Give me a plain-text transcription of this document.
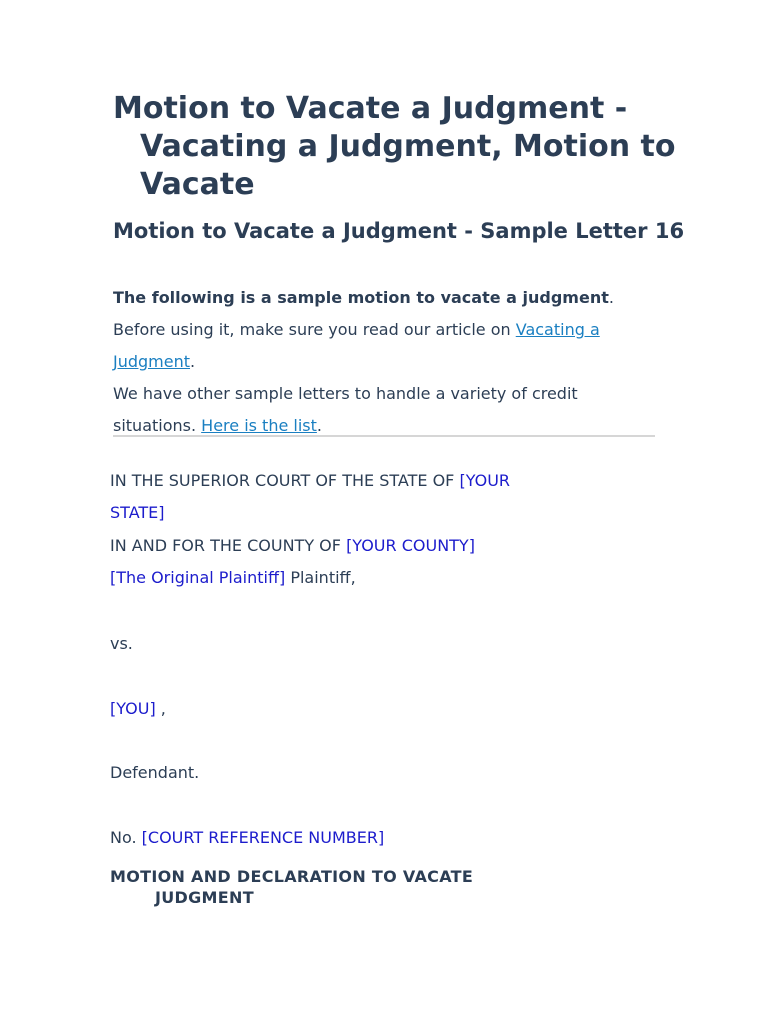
Motion to Vacate a Judgment - Vacating a Judgment, Motion to Vacate
Motion to Vacate a Judgment - Sample Letter 16

The following is a sample motion to vacate a judgment.

Before using it, make sure you read our article on Vacating a Judgment.

We have other sample letters to handle a variety of credit situations. Here is the list.

IN THE SUPERIOR COURT OF THE STATE OF [YOUR STATE]

IN AND FOR THE COUNTY OF [YOUR COUNTY]

[The Original Plaintiff] Plaintiff,

vs.

[YOU] ,

Defendant.

No. [COURT REFERENCE NUMBER]

MOTION AND DECLARATION TO VACATE JUDGMENT
